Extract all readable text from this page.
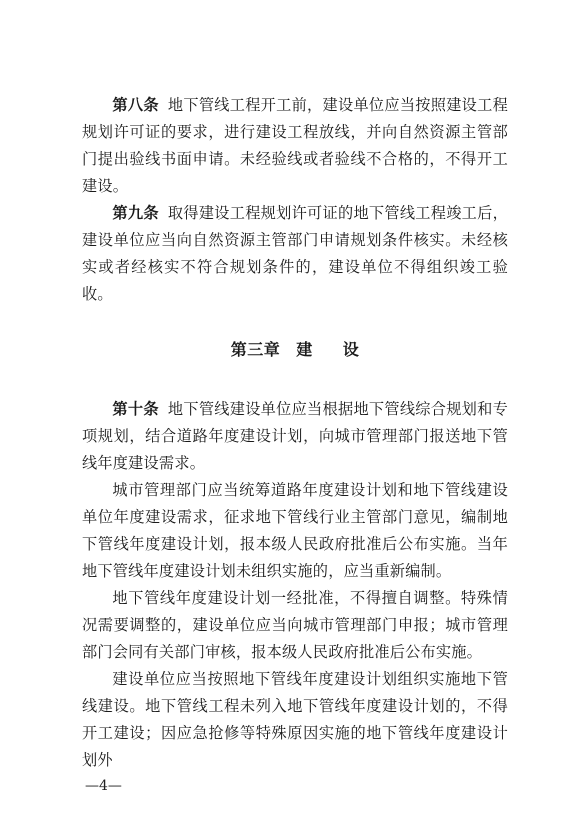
第八条 地下管线工程开工前，建设单位应当按照建设工程规划许可证的要求，进行建设工程放线，并向自然资源主管部门提出验线书面申请。未经验线或者验线不合格的，不得开工建设。

第九条 取得建设工程规划许可证的地下管线工程竣工后，建设单位应当向自然资源主管部门申请规划条件核实。未经核实或者经核实不符合规划条件的，建设单位不得组织竣工验收。

第三章 建 设

第十条 地下管线建设单位应当根据地下管线综合规划和专项规划，结合道路年度建设计划，向城市管理部门报送地下管线年度建设需求。

城市管理部门应当统筹道路年度建设计划和地下管线建设单位年度建设需求，征求地下管线行业主管部门意见，编制地下管线年度建设计划，报本级人民政府批准后公布实施。当年地下管线年度建设计划未组织实施的，应当重新编制。

地下管线年度建设计划一经批准，不得擅自调整。特殊情况需要调整的，建设单位应当向城市管理部门申报；城市管理部门会同有关部门审核，报本级人民政府批准后公布实施。

建设单位应当按照地下管线年度建设计划组织实施地下管线建设。地下管线工程未列入地下管线年度建设计划的，不得开工建设；因应急抢修等特殊原因实施的地下管线年度建设计划外

—4—
